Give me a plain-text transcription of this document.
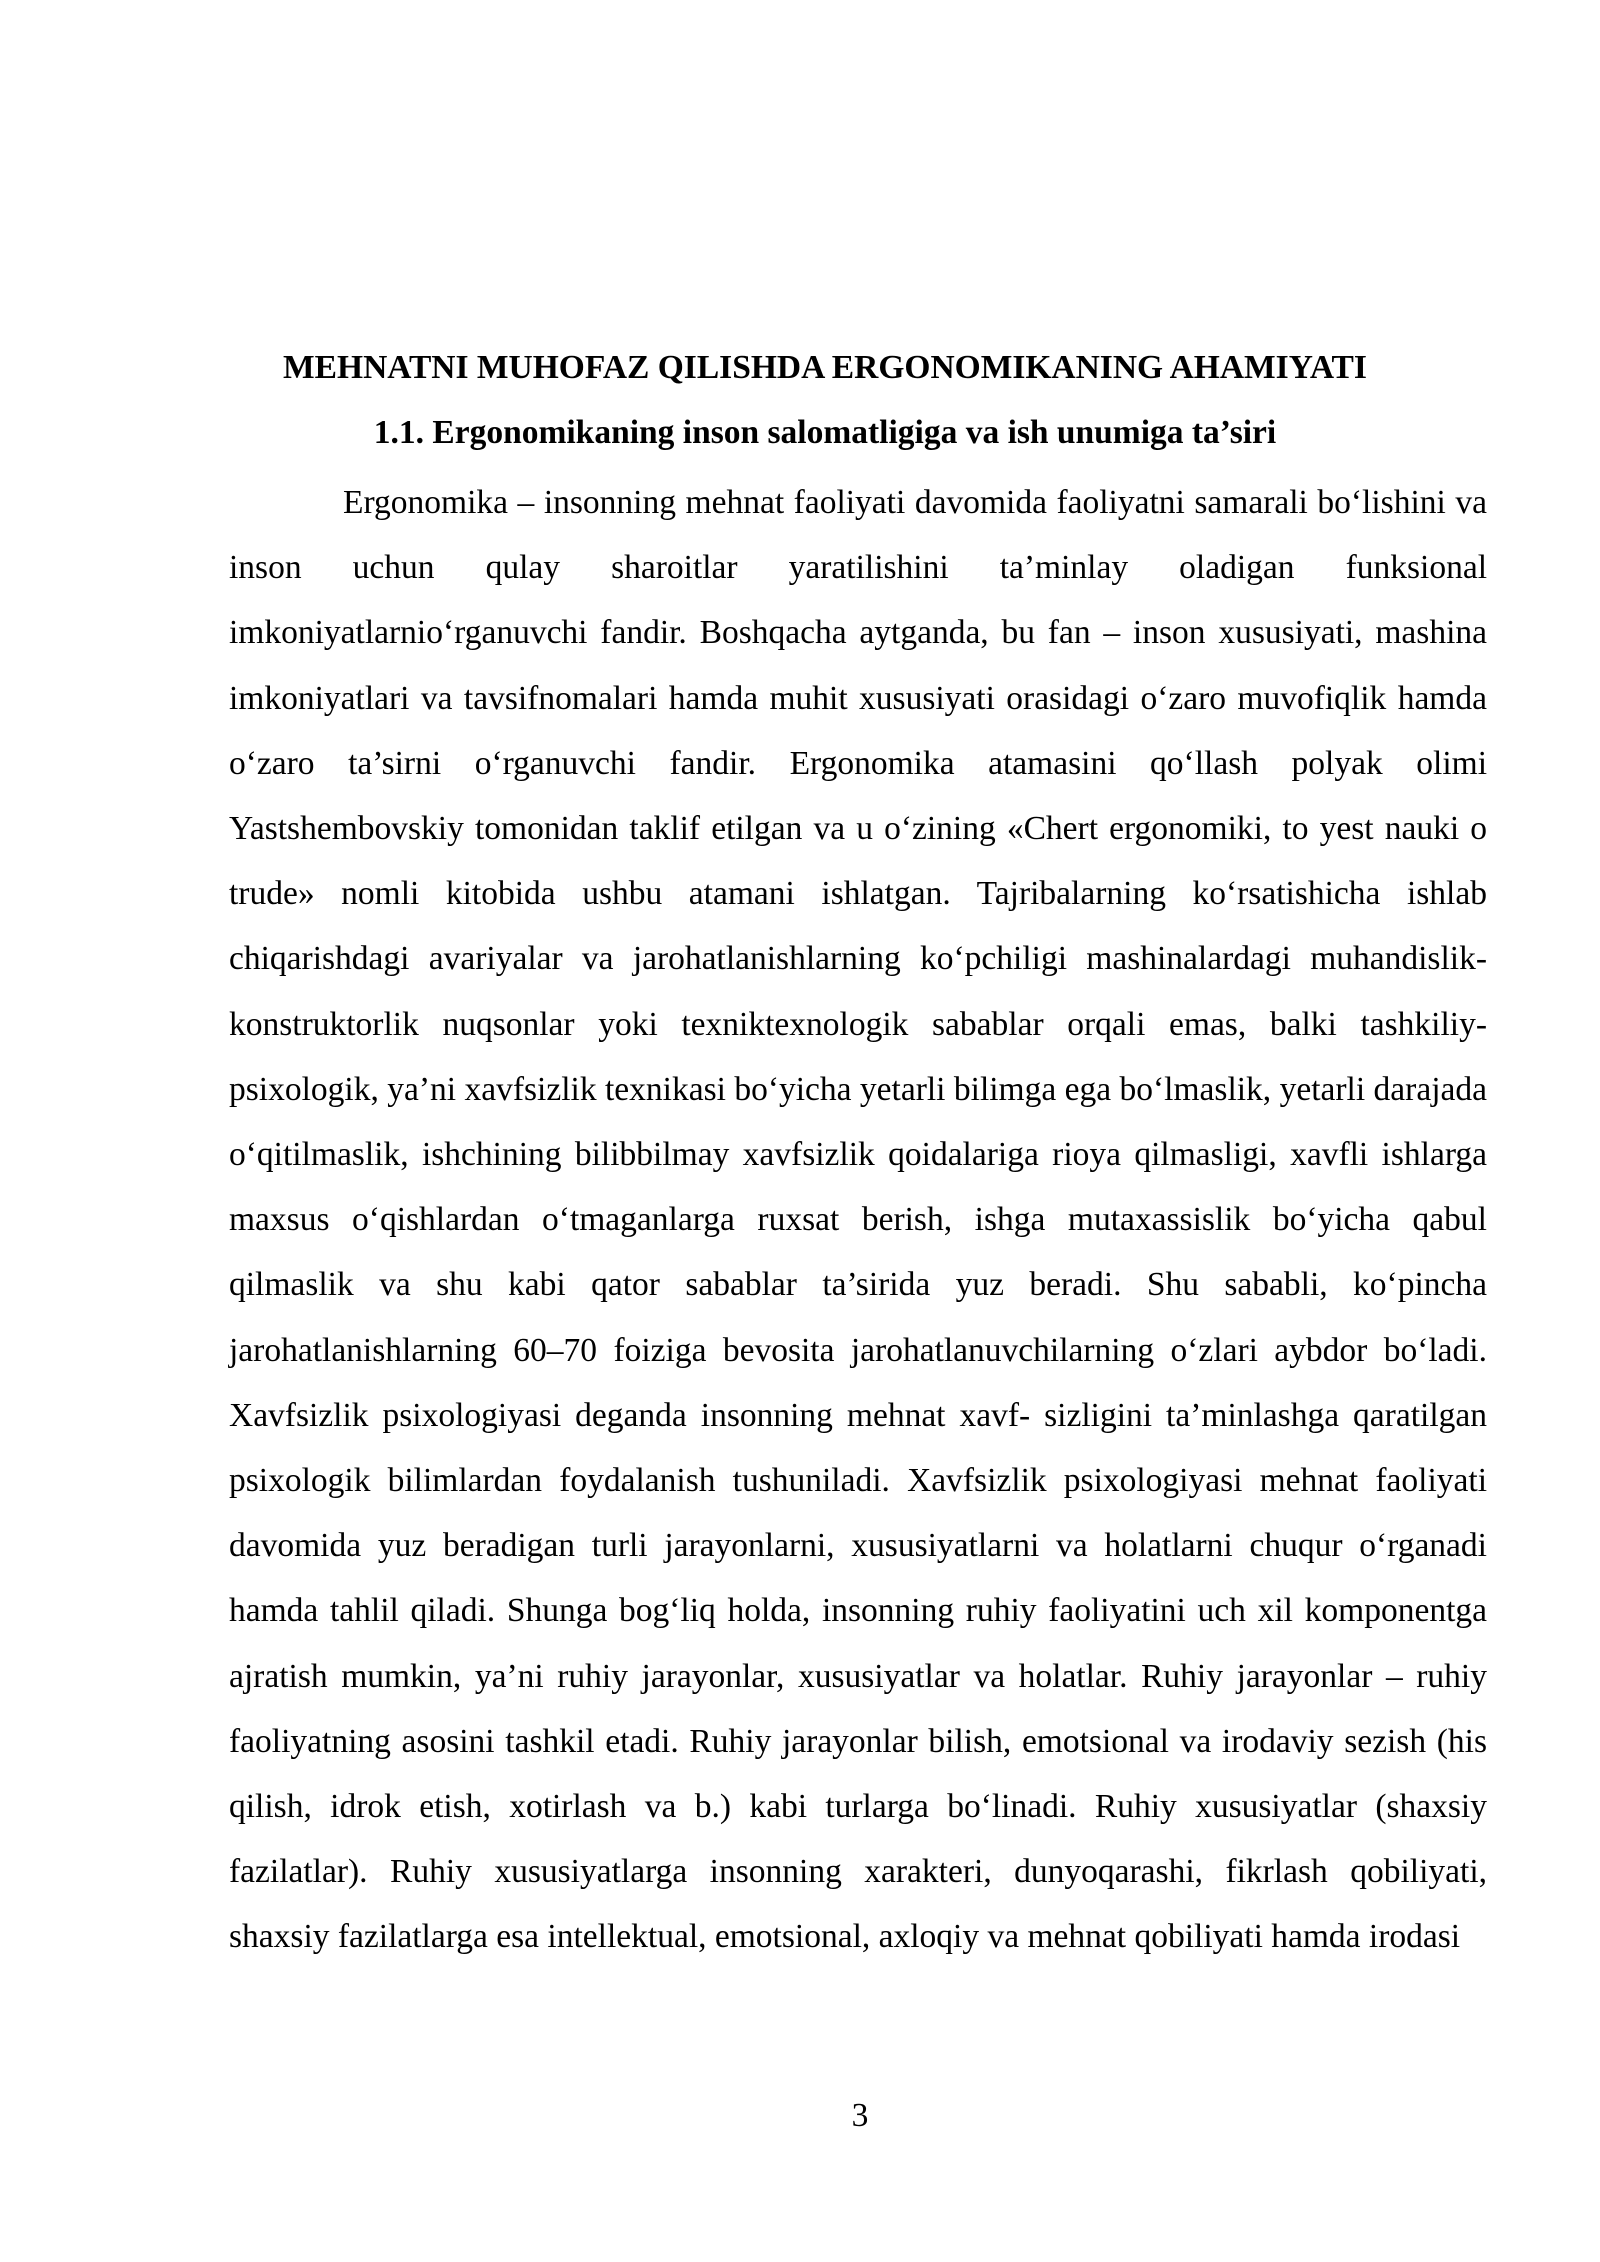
MEHNATNI MUHOFAZ QILISHDA ERGONOMIKANING AHAMIYATI
1.1. Ergonomikaning inson salomatligiga va ish unumiga ta’siri

Ergonomika – insonning mehnat faoliyati davomida faoliyatni samarali bo‘lishini va inson uchun qulay sharoitlar yaratilishini ta’minlay oladigan funksional imkoniyatlarnio‘rganuvchi fandir. Boshqacha aytganda, bu fan – inson xususiyati, mashina imkoniyatlari va tavsifnomalari hamda muhit xususiyati orasidagi o‘zaro muvofiqlik hamda o‘zaro ta’sirni o‘rganuvchi fandir. Ergonomika atamasini qo‘llash polyak olimi Yastshembovskiy tomonidan taklif etilgan va u o‘zining «Chert ergonomiki, to yest nauki o trude» nomli kitobida ushbu atamani ishlatgan. Tajribalarning ko‘rsatishicha ishlab chiqarishdagi avariyalar va jarohatlanishlarning ko‘pchiligi mashinalardagi muhandislik-konstruktorlik nuqsonlar yoki texniktexnologik sabablar orqali emas, balki tashkiliy-psixologik, ya’ni xavfsizlik texnikasi bo‘yicha yetarli bilimga ega bo‘lmaslik, yetarli darajada o‘qitilmaslik, ishchining bilibbilmay xavfsizlik qoidalariga rioya qilmasligi, xavfli ishlarga maxsus o‘qishlardan o‘tmaganlarga ruxsat berish, ishga mutaxassislik bo‘yicha qabul qilmaslik va shu kabi qator sabablar ta’sirida yuz beradi. Shu sababli, ko‘pincha jarohatlanishlarning 60–70 foiziga bevosita jarohatlanuvchilarning o‘zlari aybdor bo‘ladi. Xavfsizlik psixologiyasi deganda insonning mehnat xavf- sizligini ta’minlashga qaratilgan psixologik bilimlardan foydalanish tushuniladi. Xavfsizlik psixologiyasi mehnat faoliyati davomida yuz beradigan turli jarayonlarni, xususiyatlarni va holatlarni chuqur o‘rganadi hamda tahlil qiladi. Shunga bog‘liq holda, insonning ruhiy faoliyatini uch xil komponentga ajratish mumkin, ya’ni ruhiy jarayonlar, xususiyatlar va holatlar. Ruhiy jarayonlar – ruhiy faoliyatning asosini tashkil etadi. Ruhiy jarayonlar bilish, emotsional va irodaviy sezish (his qilish, idrok etish, xotirlash va b.) kabi turlarga bo‘linadi. Ruhiy xususiyatlar (shaxsiy fazilatlar). Ruhiy xususiyatlarga insonning xarakteri, dunyoqarashi, fikrlash qobiliyati, shaxsiy fazilatlarga esa intellektual, emotsional, axloqiy va mehnat qobiliyati hamda irodasi

3
